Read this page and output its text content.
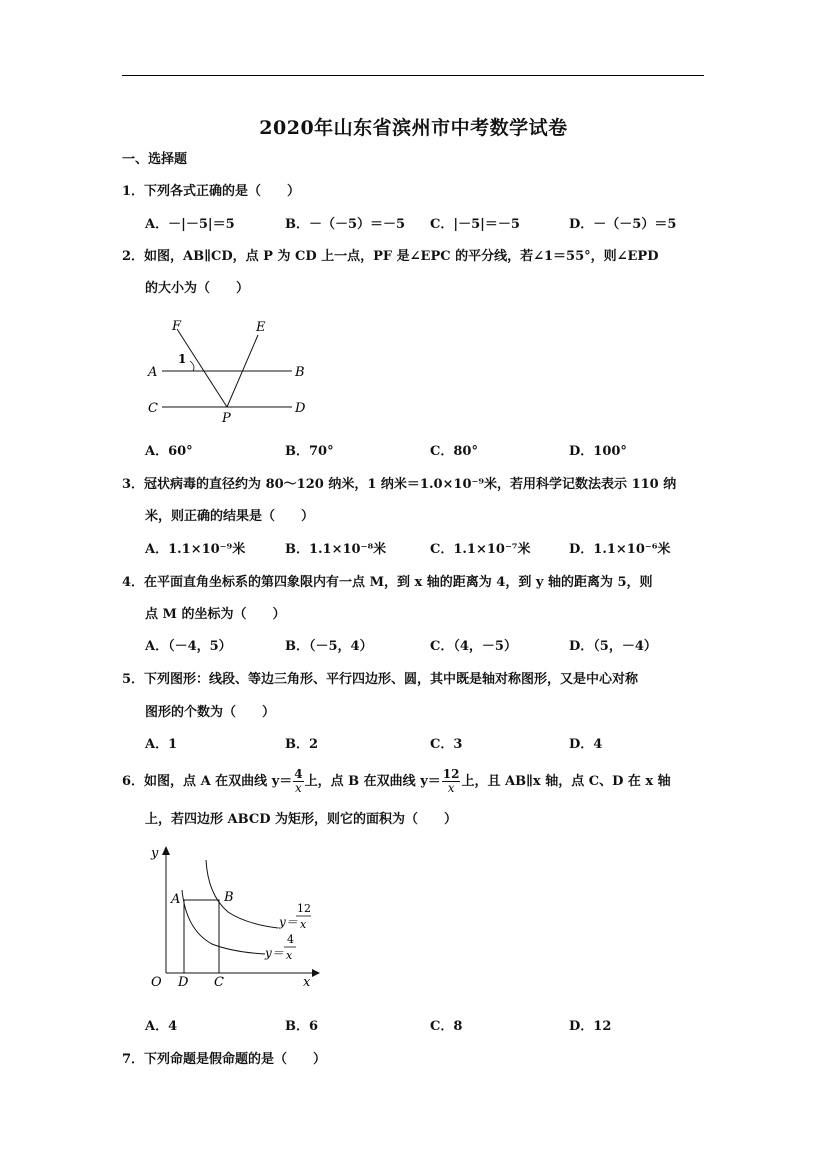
2020年山东省滨州市中考数学试卷
一、选择题
1．下列各式正确的是（　　）
A．－|－5|＝5	B．－（－5）＝－5 C．|－5|＝－5	D．－（－5）＝5
2．如图，AB∥CD，点 P 为 CD 上一点，PF 是∠EPC 的平分线，若∠1＝55°，则∠EPD
的大小为（　　）
F	E
1
A	B
C	D
P
A．60°	B．70°	C．80°	D．100°
3．冠状病毒的直径约为 80～120 纳米，1 纳米＝1.0×10⁻⁹米，若用科学记数法表示 110 纳
米，则正确的结果是（　　）
A．1.1×10⁻⁹米	B．1.1×10⁻⁸米	C．1.1×10⁻⁷米	D．1.1×10⁻⁶米
4．在平面直角坐标系的第四象限内有一点 M，到 x 轴的距离为 4，到 y 轴的距离为 5，则
点 M 的坐标为（　　）
A．（－4，5）	B．（－5，4）	C．（4，－5）	D．（5，－4）
5．下列图形：线段、等边三角形、平行四边形、圆，其中既是轴对称图形，又是中心对称
图形的个数为（　　）
A．1	B．2	C．3	D．4
6．如图，点 A 在双曲线 $y= \frac{4}{x}$ 上，点 B 在双曲线 $y= \frac{12}{x}$ 上，且 AB∥x 轴，点 C、D 在 x 轴
上，若四边形 ABCD 为矩形，则它的面积为（　　）
y
x
O
A	B
D C
y＝
12
x
y＝
4
x
A．4	B．6	C．8	D．12
7．下列命题是假命题的是（　　）
